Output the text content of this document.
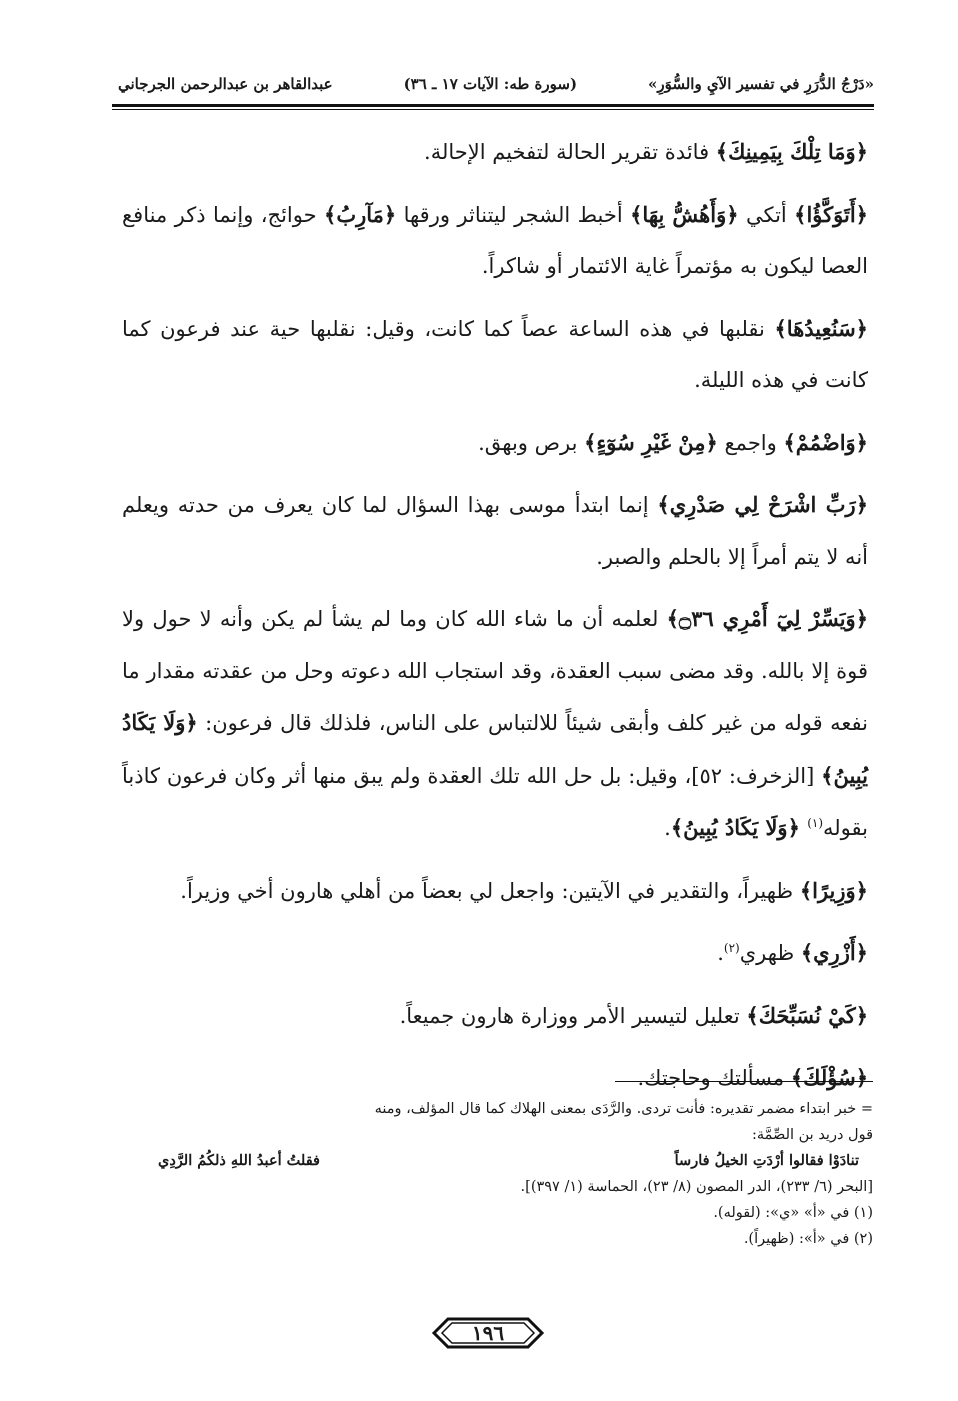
عبدالقاهر بن عبدالرحمن الجرجاني	(سورة طه: الآيات ١٧ ـ ٣٦)	«دَرْجُ الدُّرَرِ في تفسير الآيِ والسُّوَرِ»

﴿وَمَا تِلْكَ بِيَمِينِكَ﴾ فائدة تقرير الحالة لتفخيم الإحالة.

﴿أَتَوَكَّؤُا﴾ أتكي ﴿وَأَهُشُّ بِهَا﴾ أخبط الشجر ليتناثر ورقها ﴿مَآرِبُ﴾ حوائج، وإنما ذكر منافع العصا ليكون به مؤتمراً غاية الائتمار أو شاكراً.

﴿سَنُعِيدُهَا﴾ نقلبها في هذه الساعة عصاً كما كانت، وقيل: نقلبها حية عند فرعون كما كانت في هذه الليلة.

﴿وَاضْمُمْ﴾ واجمع ﴿مِنْ غَيْرِ سُوٓءٍ﴾ برص وبهق.

﴿رَبِّ اشْرَحْ لِي صَدْرِي﴾ إنما ابتدأ موسى بهذا السؤال لما كان يعرف من حدته ويعلم أنه لا يتم أمراً إلا بالحلم والصبر.

﴿وَيَسِّرْ لِيٓ أَمْرِي ۝٣٦﴾ لعلمه أن ما شاء الله كان وما لم يشأ لم يكن وأنه لا حول ولا قوة إلا بالله. وقد مضى سبب العقدة، وقد استجاب الله دعوته وحل من عقدته مقدار ما نفعه قوله من غير كلف وأبقى شيئاً للالتباس على الناس، فلذلك قال فرعون: ﴿وَلَا يَكَادُ يُبِينُ﴾ [الزخرف: ٥٢]، وقيل: بل حل الله تلك العقدة ولم يبق منها أثر وكان فرعون كاذباً بقوله$^{(١)}$ ﴿وَلَا يَكَادُ يُبِينُ﴾.

﴿وَزِيرًا﴾ ظهيراً، والتقدير في الآيتين: واجعل لي بعضاً من أهلي هارون أخي وزيراً.

﴿أَزْرِي﴾ ظهري$^{(٢)}$.

﴿كَيْ نُسَبِّحَكَ﴾ تعليل لتيسير الأمر ووزارة هارون جميعاً.

﴿سُؤْلَكَ﴾ مسألتك وحاجتك.

= خبر ابتداء مضمر تقديره: فأنت تردى. والرَّدَى بمعنى الهلاك كما قال المؤلف، ومنه
قول دريد بن الصِّمَّة:
تنادَوْا فقالوا أرْدَتِ الخيلُ فارساً
فقلتُ أعبدُ اللهِ ذلكُمُ الرَّدِي
[البحر (٦/ ٢٣٣)، الدر المصون (٨/ ٢٣)، الحماسة (١/ ٣٩٧)].
(١) في «أ» «ي»: (لقوله).
(٢) في «أ»: (ظهيراً).
١٩٦
